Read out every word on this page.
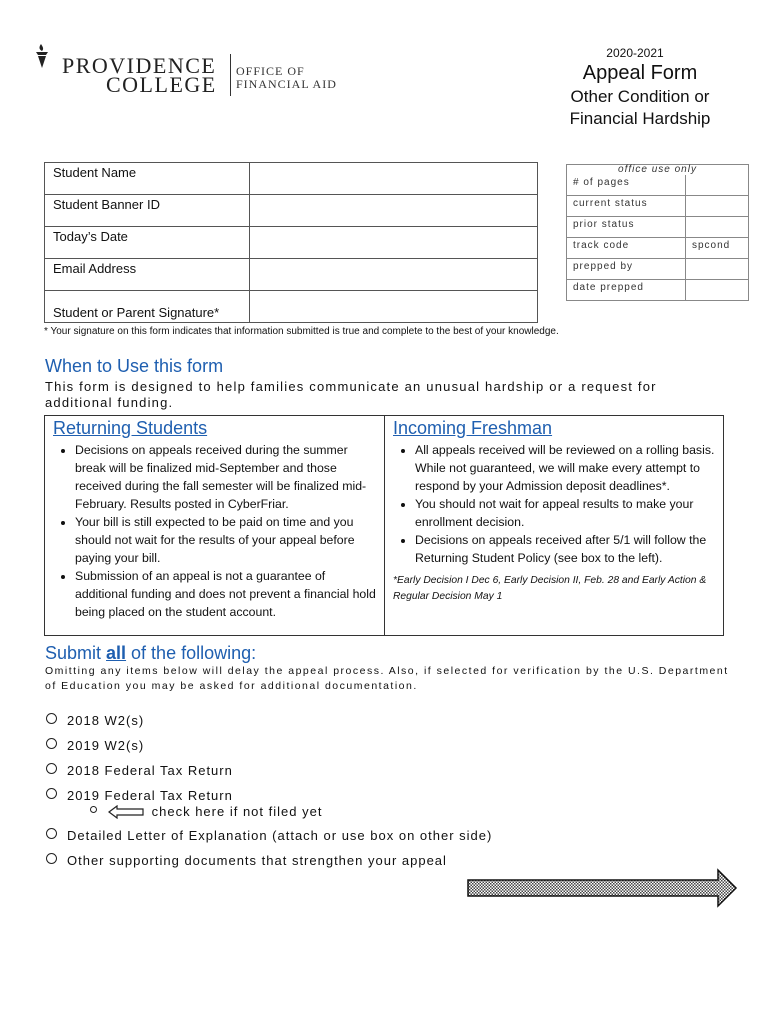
PROVIDENCE
COLLEGE
OFFICE OF
FINANCIAL AID
2020-2021
Appeal Form
Other Condition or
Financial Hardship
Student Name	
Student Banner ID	
Today’s Date	
Email Address	
Student or Parent Signature*	
office use only	
# of pages	
current status	
prior status	
track code	spcond
prepped by	
date prepped	
* Your signature on this form indicates that information submitted is true and complete to the best of your knowledge.
When to Use this form
This form is designed to help families communicate an unusual hardship or a request for additional funding.
Returning Students
• Decisions on appeals received during the summer break will be finalized mid-September and those received during the fall semester will be finalized mid-February. Results posted in CyberFriar.
• Your bill is still expected to be paid on time and you should not wait for the results of your appeal before paying your bill.
• Submission of an appeal is not a guarantee of additional funding and does not prevent a financial hold being placed on the student account.
Incoming Freshman
• All appeals received will be reviewed on a rolling basis. While not guaranteed, we will make every attempt to respond by your Admission deposit deadlines*.
• You should not wait for appeal results to make your enrollment decision.
• Decisions on appeals received after 5/1 will follow the Returning Student Policy (see box to the left).
*Early Decision I Dec 6, Early Decision II, Feb. 28 and Early Action & Regular Decision May 1
Submit all of the following:
Omitting any items below will delay the appeal process. Also, if selected for verification by the U.S. Department of Education you may be asked for additional documentation.
2018 W2(s)
2019 W2(s)
2018 Federal Tax Return
2019 Federal Tax Return
check here if not filed yet
Detailed Letter of Explanation (attach or use box on other side)
Other supporting documents that strengthen your appeal
